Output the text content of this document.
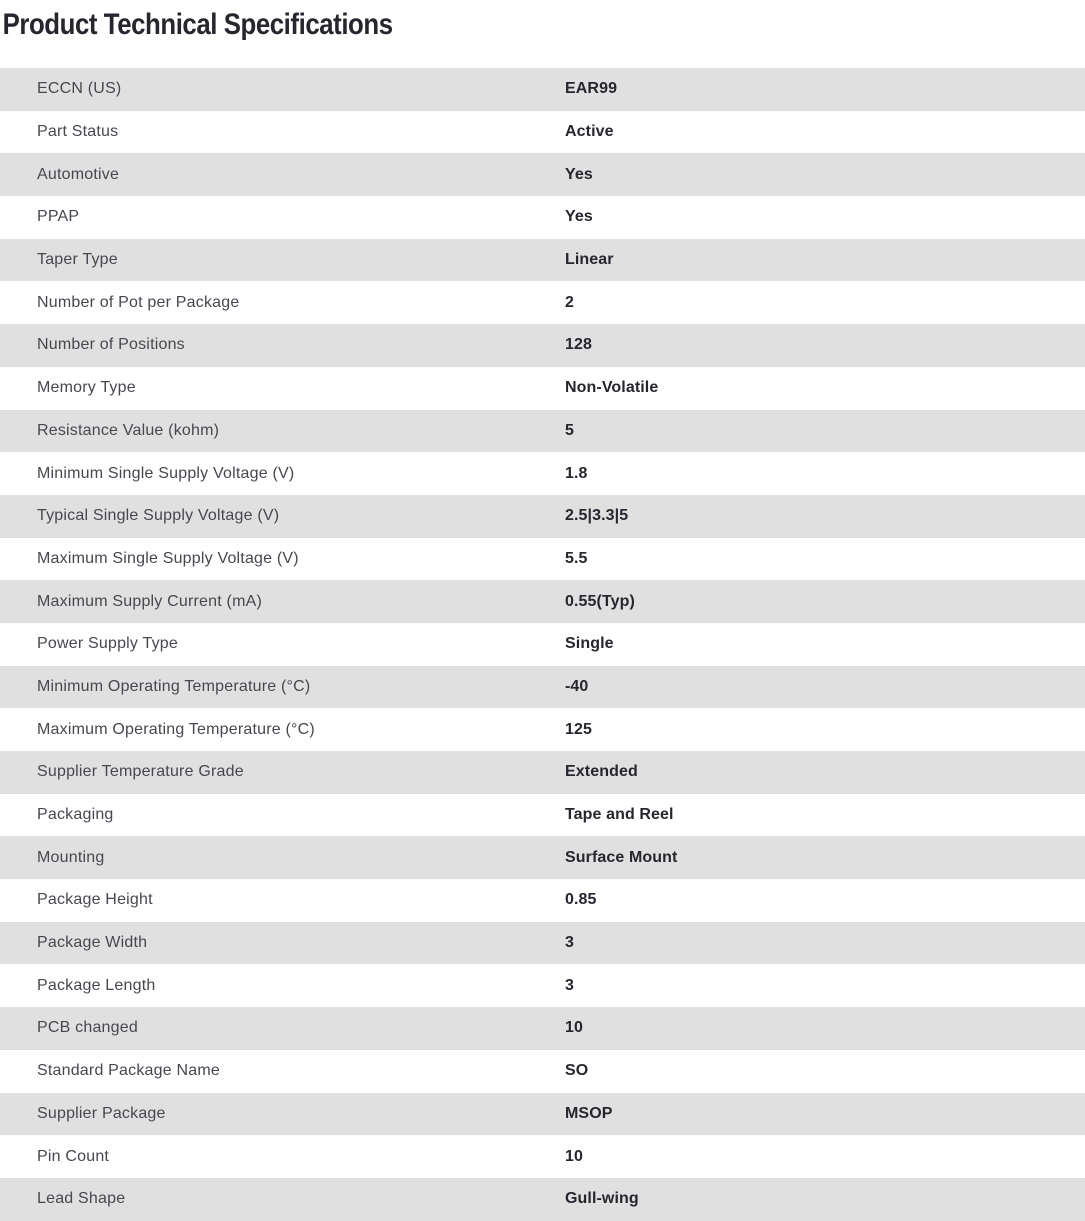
Product Technical Specifications
ECCN (US)	EAR99
Part Status	Active
Automotive	Yes
PPAP	Yes
Taper Type	Linear
Number of Pot per Package	2
Number of Positions	128
Memory Type	Non-Volatile
Resistance Value (kohm)	5
Minimum Single Supply Voltage (V)	1.8
Typical Single Supply Voltage (V)	2.5|3.3|5
Maximum Single Supply Voltage (V)	5.5
Maximum Supply Current (mA)	0.55(Typ)
Power Supply Type	Single
Minimum Operating Temperature (°C)	-40
Maximum Operating Temperature (°C)	125
Supplier Temperature Grade	Extended
Packaging	Tape and Reel
Mounting	Surface Mount
Package Height	0.85
Package Width	3
Package Length	3
PCB changed	10
Standard Package Name	SO
Supplier Package	MSOP
Pin Count	10
Lead Shape	Gull-wing
